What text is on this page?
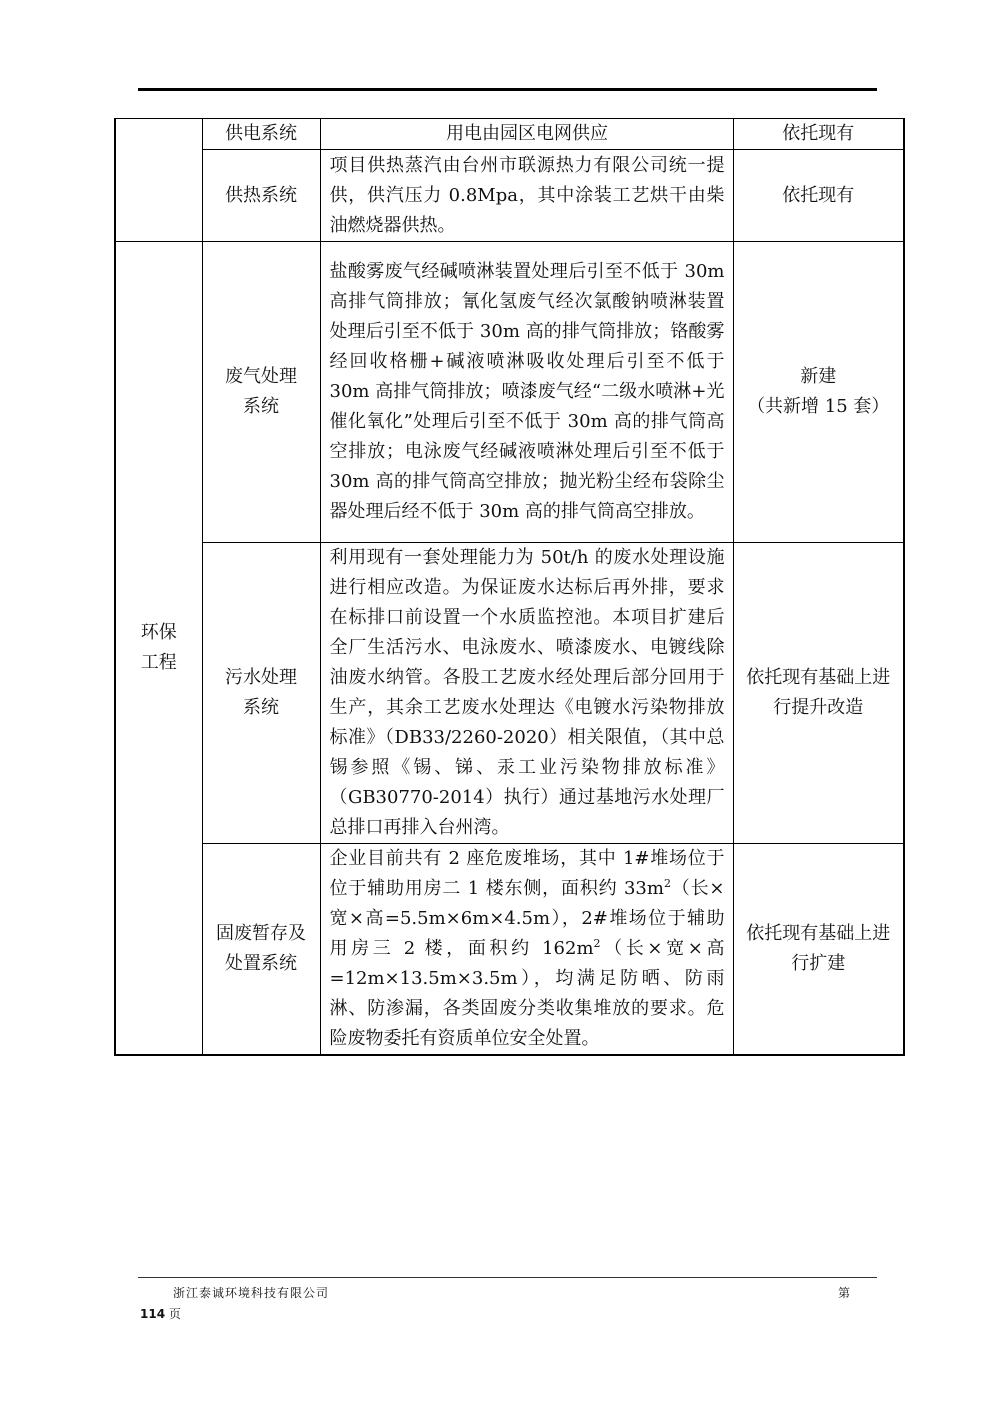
	供电系统	用电由园区电网供应	依托现有
	供热系统	项目供热蒸汽由台州市联源热力有限公司统一提供，供汽压力 0.8Mpa，其中涂装工艺烘干由柴油燃烧器供热。	依托现有

环保工程	废气处理系统	盐酸雾废气经碱喷淋装置处理后引至不低于 30m 高排气筒排放；氰化氢废气经次氯酸钠喷淋装置处理后引至不低于 30m 高的排气筒排放；铬酸雾经回收格栅+碱液喷淋吸收处理后引至不低于 30m 高排气筒排放；喷漆废气经“二级水喷淋+光催化氧化”处理后引至不低于 30m 高的排气筒高空排放；电泳废气经碱液喷淋处理后引至不低于 30m 高的排气筒高空排放；抛光粉尘经布袋除尘器处理后经不低于 30m 高的排气筒高空排放。	新建
（共新增 15 套）

	污水处理系统	利用现有一套处理能力为 50t/h 的废水处理设施进行相应改造。为保证废水达标后再外排，要求在标排口前设置一个水质监控池。本项目扩建后全厂生活污水、电泳废水、喷漆废水、电镀线除油废水纳管。各股工艺废水经处理后部分回用于生产，其余工艺废水处理达《电镀水污染物排放标准》（DB33/2260-2020）相关限值，（其中总锡参照《锡、锑、汞工业污染物排放标准》（GB30770-2014）执行）通过基地污水处理厂总排口再排入台州湾。	依托现有基础上进行提升改造

	固废暂存及处置系统	企业目前共有 2 座危废堆场，其中 1#堆场位于位于辅助用房二 1 楼东侧，面积约 $33m^2$（长×宽×高=5.5m×6m×4.5m），2#堆场位于辅助用房三 2 楼，面积约 $162m^2$（长×宽×高=12m×13.5m×3.5m），均满足防晒、防雨淋、防渗漏，各类固废分类收集堆放的要求。危险废物委托有资质单位安全处置。	依托现有基础上进行扩建
浙江泰诚环境科技有限公司	第
114 页
